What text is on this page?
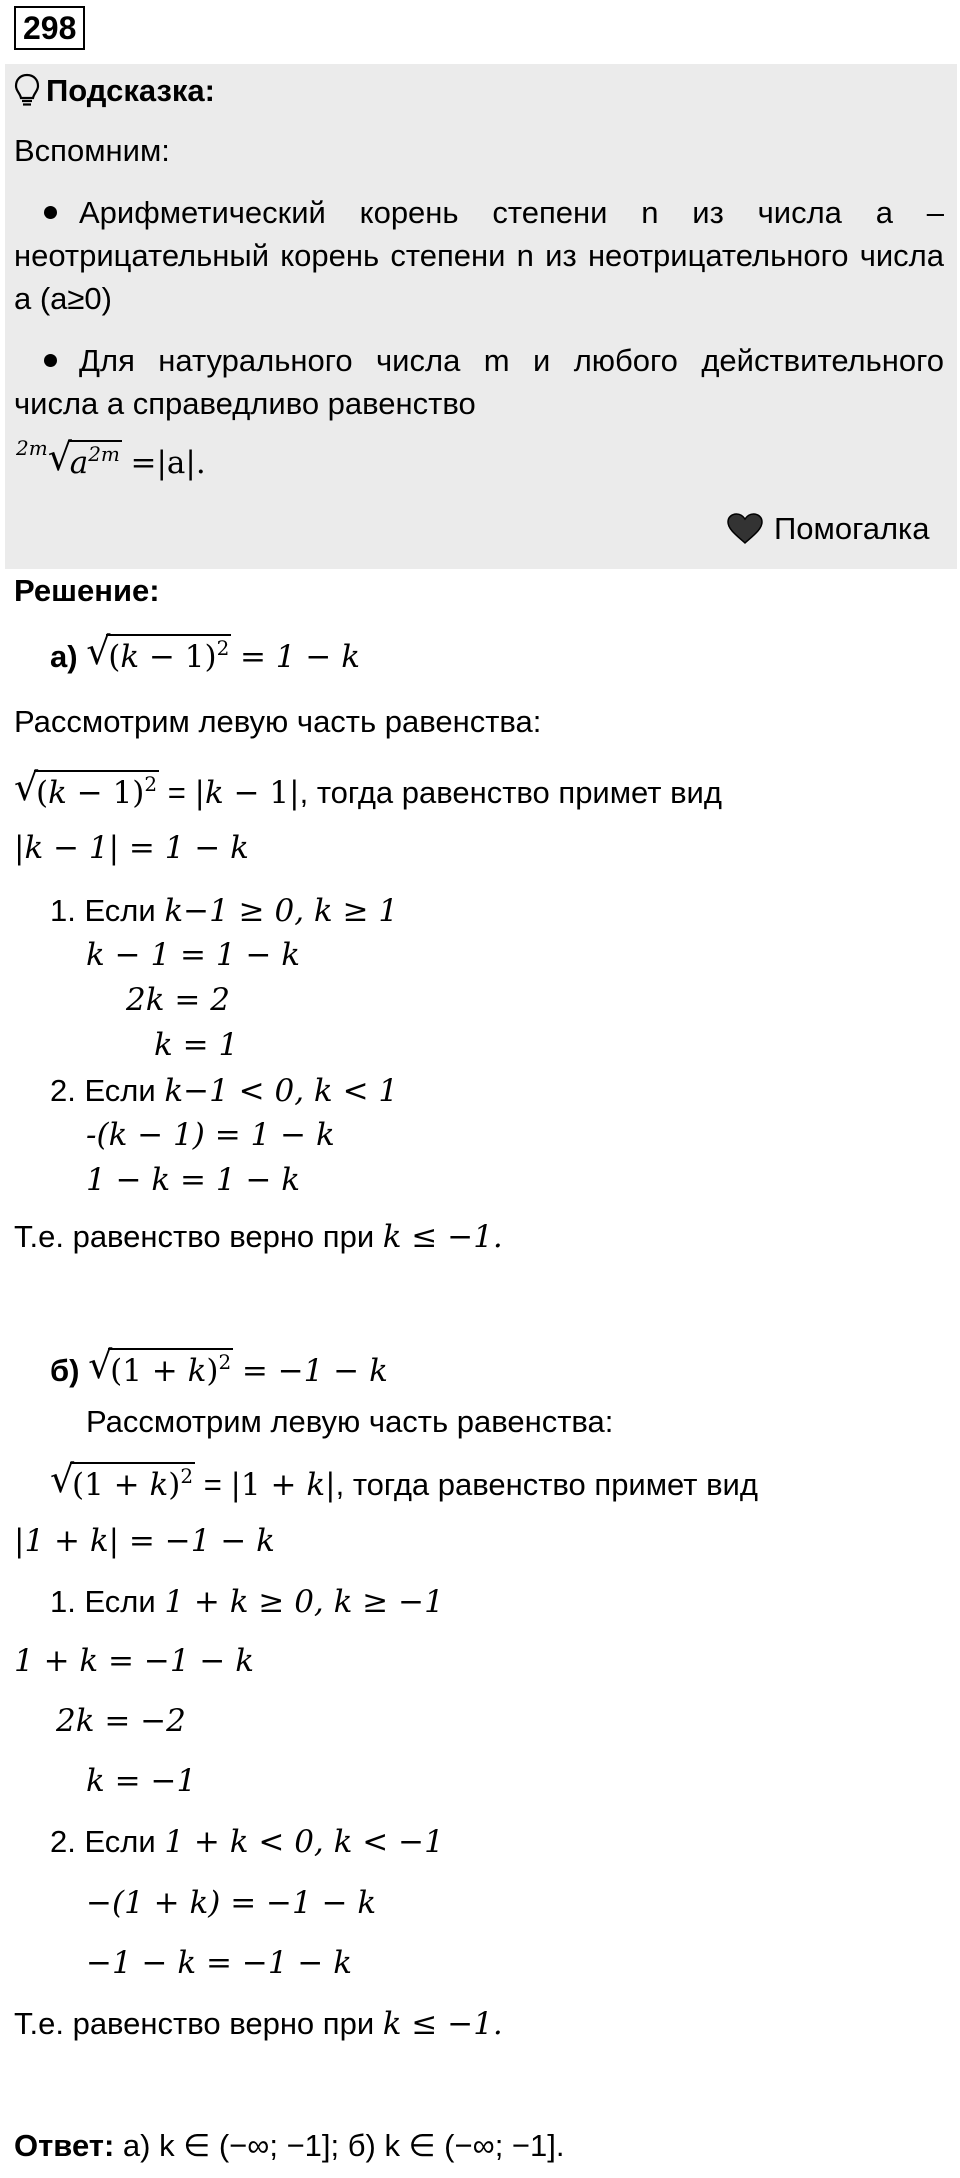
298
Подсказка:
Вспомним:
Арифметический корень степени n из числа a – неотрицательный корень степени n из неотрицательного числа a (a≥0)
Для натурального числа m и любого действительного числа a справедливо равенство
$^{2m}$ √
$a^{2m} =|a|$.
Помогалка
Решение:
а) √
$(k - 1)^2 = 1 - k$
Рассмотрим левую часть равенства:
√
$(k - 1)^2 = |k - 1|$, тогда равенство примет вид
|k − 1| = 1 − k
1. Если k−1 ≥ 0, k ≥ 1
k − 1 = 1 − k
2k = 2
k = 1
2. Если k−1 < 0, k < 1
-(k − 1) = 1 − k
1 − k = 1 − k
Т.е. равенство верно при k ≤ −1.
б) √
$(1 + k)^2 = -1 - k$
Рассмотрим левую часть равенства:
√
$(1 + k)^2 = |1 + k|$, тогда равенство примет вид
|1 + k| = −1 − k
1. Если 1 + k ≥ 0, k ≥ −1
1 + k = −1 − k
2k = −2
k = −1
2. Если 1 + k < 0, k < −1
−(1 + k) = −1 − k
−1 − k = −1 − k
Т.е. равенство верно при k ≤ −1.
Ответ: а) k ∈ (−∞; −1]; б) k ∈ (−∞; −1].
